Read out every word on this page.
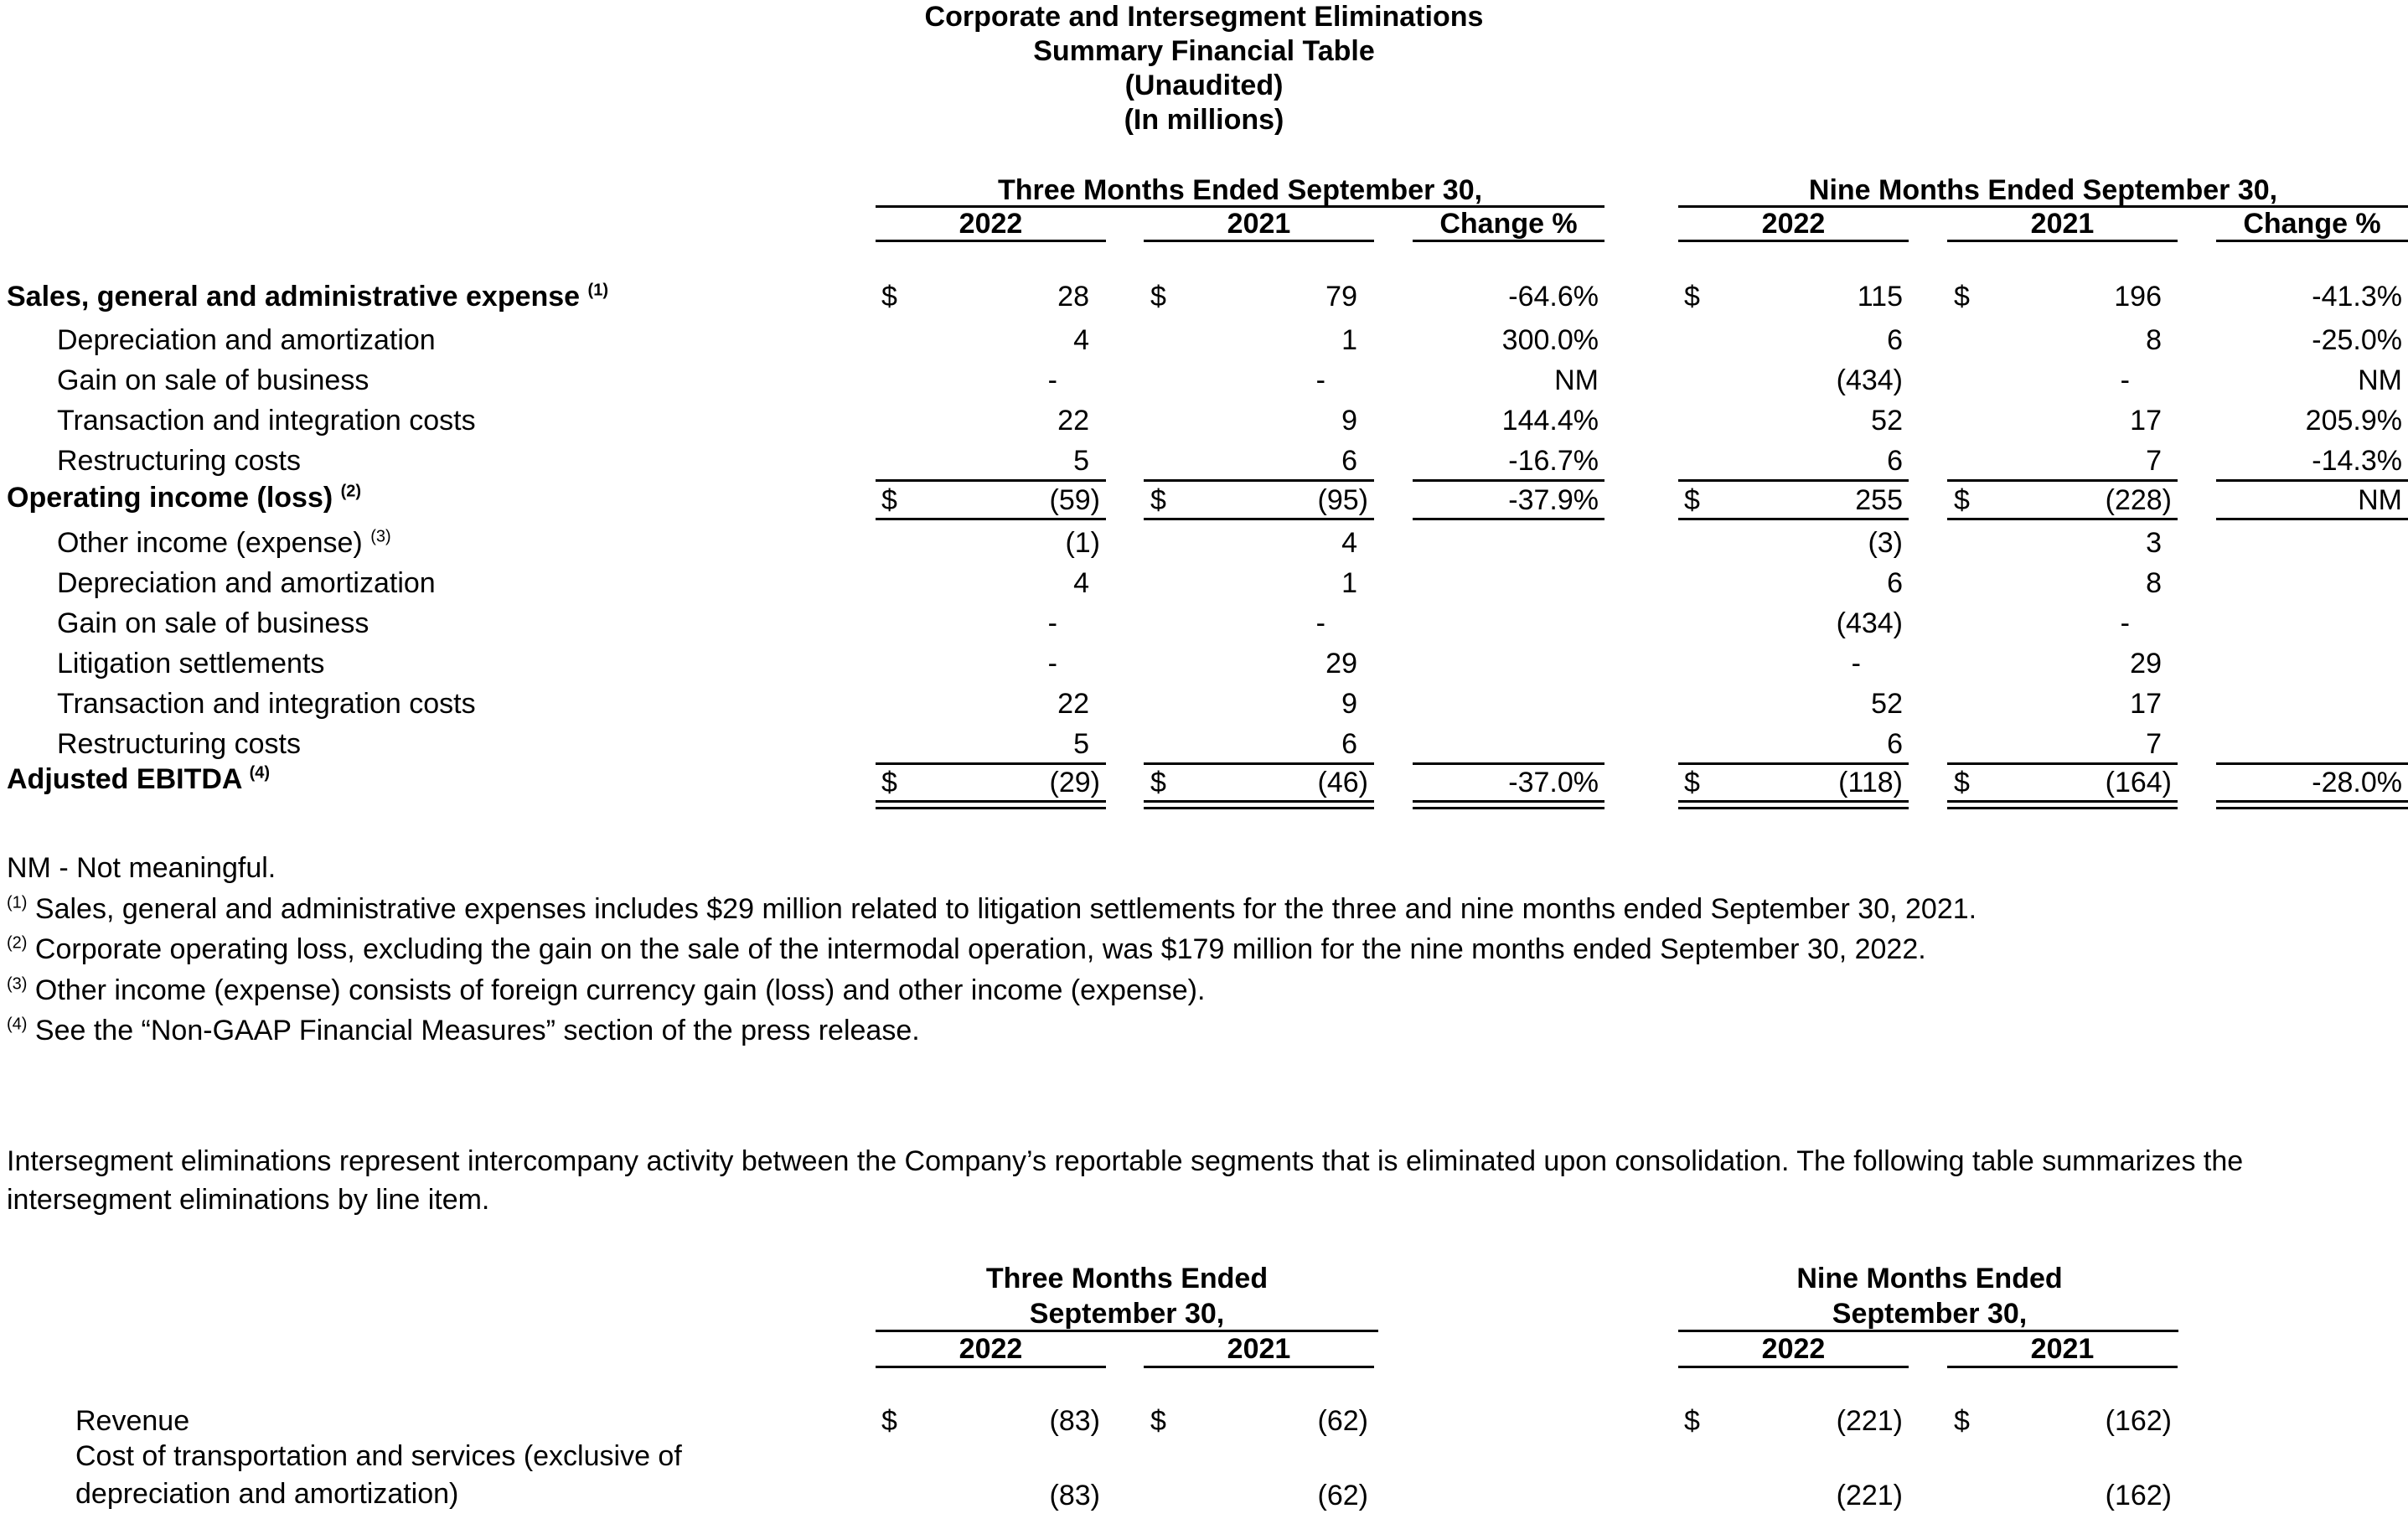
Corporate and Intersegment Eliminations
Summary Financial Table
(Unaudited)
(In millions)
Three Months Ended September 30,	Nine Months Ended September 30,
2022	2021	Change %	2022	2021	Change %
Sales, general and administrative expense $^{(1)}$	$	28 $	79	-64.6%	$	115 $	196	-41.3%
Depreciation and amortization	4	1	300.0%	6	8	-25.0%
Gain on sale of business	-	-	NM	(434)	-	NM
Transaction and integration costs	22	9	144.4%	52	17	205.9%
Restructuring costs	5	6	-16.7%	6	7	-14.3%
Operating income (loss) $^{(2)}$	$	(59) $	(95)	-37.9%	$	255 $	(228)	NM
Other income (expense) $^{(3)}$	(1)	4	(3)	3
Depreciation and amortization	4	1	6	8
Gain on sale of business	-	-	(434)	-
Litigation settlements	-	29	-	29
Transaction and integration costs	22	9	52	17
Restructuring costs	5	6	6	7
Adjusted EBITDA $^{(4)}$	$	(29) $	(46)	-37.0%	$	(118) $	(164)	-28.0%
NM - Not meaningful.
$^{(1)}$ Sales, general and administrative expenses includes $29 million related to litigation settlements for the three and nine months ended September 30, 2021.
$^{(2)}$ Corporate operating loss, excluding the gain on the sale of the intermodal operation, was $179 million for the nine months ended September 30, 2022.
$^{(3)}$ Other income (expense) consists of foreign currency gain (loss) and other income (expense).
$^{(4)}$ See the “Non-GAAP Financial Measures” section of the press release.
Intersegment eliminations represent intercompany activity between the Company’s reportable segments that is eliminated upon consolidation. The following table summarizes the intersegment eliminations by line item.
Three Months Ended
September 30,
Nine Months Ended
September 30,
2022	2021	2022	2021
Revenue	$	(83) $	(62)	$	(221) $	(162)
Cost of transportation and services (exclusive of
depreciation and amortization)	(83)	(62)	(221)	(162)
